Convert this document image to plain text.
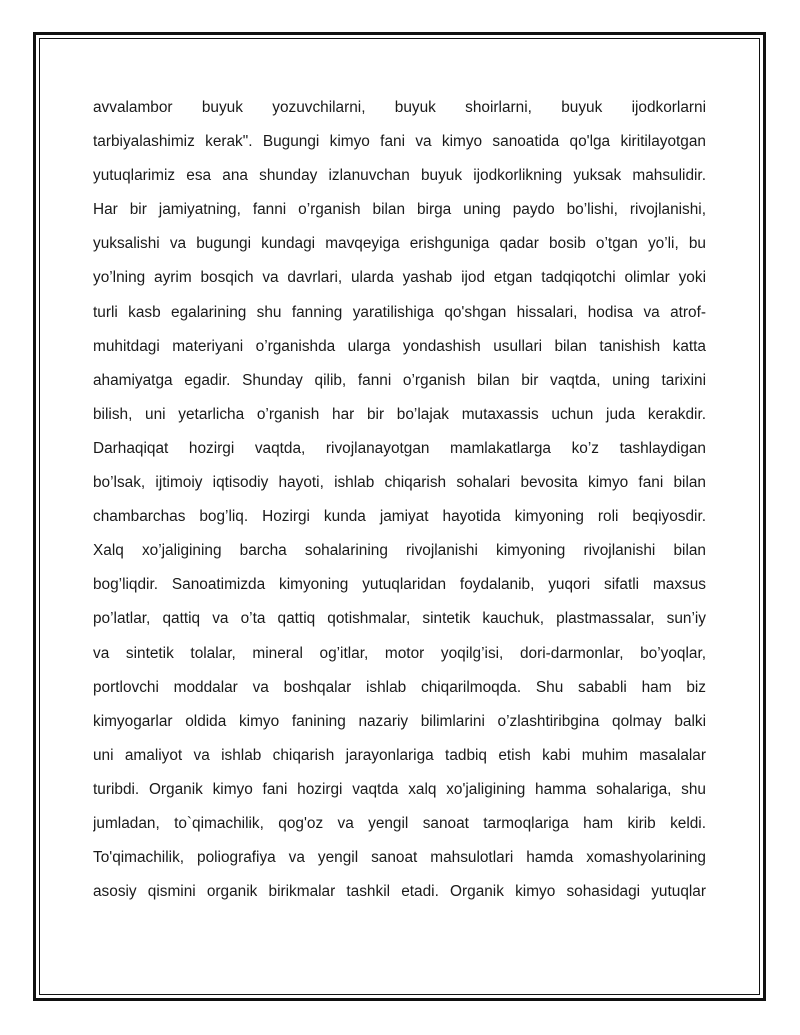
avvalambor buyuk yozuvchilarni, buyuk shoirlarni, buyuk ijodkorlarni
tarbiyalashimiz kerak". Bugungi kimyo fani va kimyo sanoatida qo'lga kiritilayotgan
yutuqlarimiz esa ana shunday izlanuvchan buyuk ijodkorlikning yuksak mahsulidir.
Har bir jamiyatning, fanni o’rganish bilan birga uning paydo bo’lishi, rivojlanishi,
yuksalishi va bugungi kundagi mavqeyiga erishguniga qadar bosib o’tgan yo’li, bu
yo’lning ayrim bosqich va davrlari, ularda yashab ijod etgan tadqiqotchi olimlar yoki
turli kasb egalarining shu fanning yaratilishiga qo'shgan hissalari, hodisa va atrof-
muhitdagi materiyani o’rganishda ularga yondashish usullari bilan tanishish katta
ahamiyatga egadir. Shunday qilib, fanni o’rganish bilan bir vaqtda, uning tarixini
bilish, uni yetarlicha o’rganish har bir bo’lajak mutaxassis uchun juda kerakdir.
Darhaqiqat hozirgi vaqtda, rivojlanayotgan mamlakatlarga ko’z tashlaydigan
bo’lsak, ijtimoiy iqtisodiy hayoti, ishlab chiqarish sohalari bevosita kimyo fani bilan
chambarchas bog’liq. Hozirgi kunda jamiyat hayotida kimyoning roli beqiyosdir.
Xalq xo’jaligining barcha sohalarining rivojlanishi kimyoning rivojlanishi bilan
bog’liqdir. Sanoatimizda kimyoning yutuqlaridan foydalanib, yuqori sifatli maxsus
po’latlar, qattiq va o’ta qattiq qotishmalar, sintetik kauchuk, plastmassalar, sun’iy
va sintetik tolalar, mineral og’itlar, motor yoqilg’isi, dori-darmonlar, bo’yoqlar,
portlovchi moddalar va boshqalar ishlab chiqarilmoqda. Shu sababli ham biz
kimyogarlar oldida kimyo fanining nazariy bilimlarini o’zlashtiribgina qolmay balki
uni amaliyot va ishlab chiqarish jarayonlariga tadbiq etish kabi muhim masalalar
turibdi. Organik kimyo fani hozirgi vaqtda xalq xo'jaligining hamma sohalariga, shu
jumladan, to`qimachilik, qog'oz va yengil sanoat tarmoqlariga ham kirib keldi.
To'qimachilik, poliografiya va yengil sanoat mahsulotlari hamda xomashyolarining
asosiy qismini organik birikmalar tashkil etadi. Organik kimyo sohasidagi yutuqlar
